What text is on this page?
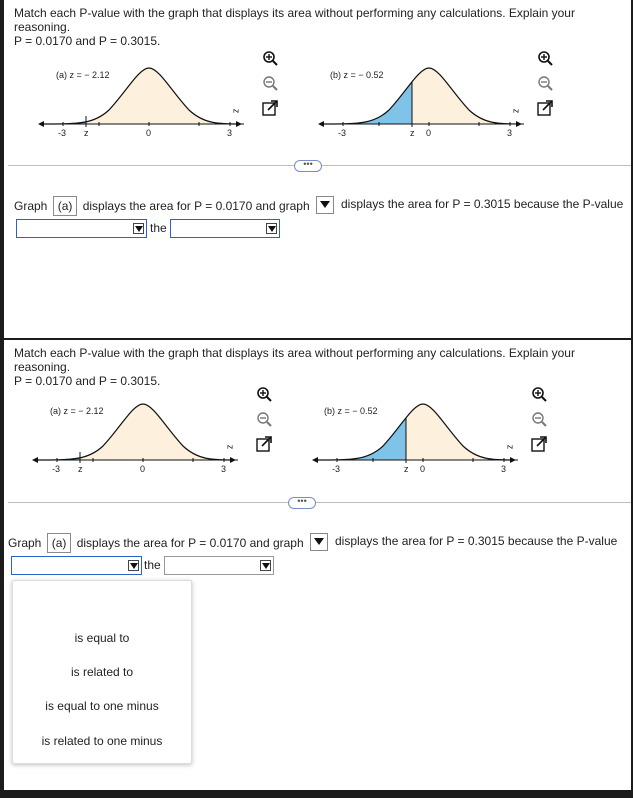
Match each P-value with the graph that displays its area without performing any calculations. Explain your reasoning.
P = 0.0170 and P = 0.3015.
(a) z = − 2.12
-3 z	0	3
z
(b) z = − 0.52
-3	z 0	3
z
•••
Graph (a) displays the area for P = 0.0170 and graph	displays the area for P = 0.3015 because the P-value
the
Match each P-value with the graph that displays its area without performing any calculations. Explain your reasoning.
P = 0.0170 and P = 0.3015.
(a) z = − 2.12
-3 z	0	3
z
(b) z = − 0.52
-3	z 0	3
z
•••
Graph (a) displays the area for P = 0.0170 and graph	displays the area for P = 0.3015 because the P-value
the
is equal to
is related to
is equal to one minus
is related to one minus
